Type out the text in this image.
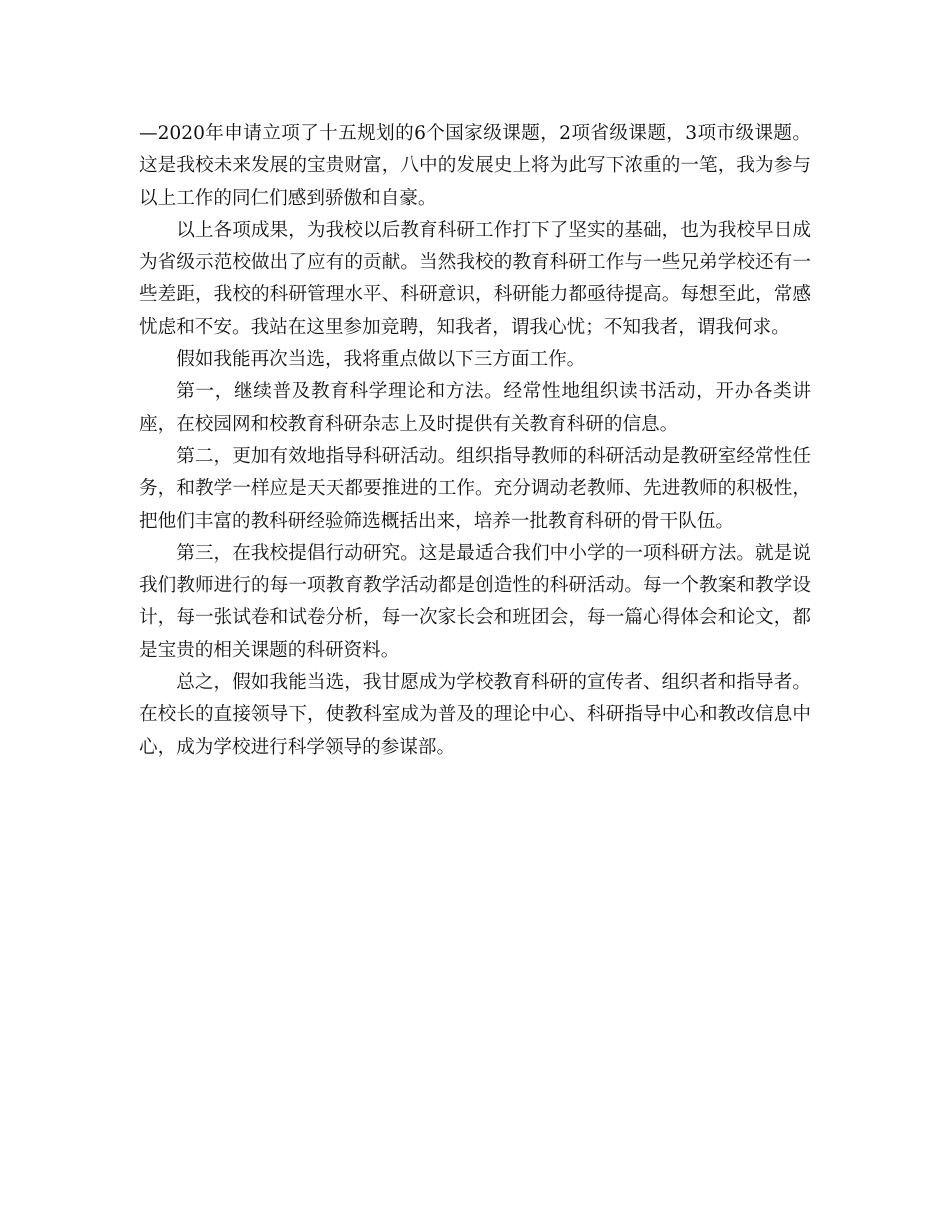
—2020年申请立项了十五规划的6个国家级课题，2项省级课题，3项市级课题。这是我校未来发展的宝贵财富，八中的发展史上将为此写下浓重的一笔，我为参与以上工作的同仁们感到骄傲和自豪。

以上各项成果，为我校以后教育科研工作打下了坚实的基础，也为我校早日成为省级示范校做出了应有的贡献。当然我校的教育科研工作与一些兄弟学校还有一些差距，我校的科研管理水平、科研意识，科研能力都亟待提高。每想至此，常感忧虑和不安。我站在这里参加竞聘，知我者，谓我心忧；不知我者，谓我何求。

假如我能再次当选，我将重点做以下三方面工作。

第一，继续普及教育科学理论和方法。经常性地组织读书活动，开办各类讲座，在校园网和校教育科研杂志上及时提供有关教育科研的信息。

第二，更加有效地指导科研活动。组织指导教师的科研活动是教研室经常性任务，和教学一样应是天天都要推进的工作。充分调动老教师、先进教师的积极性，把他们丰富的教科研经验筛选概括出来，培养一批教育科研的骨干队伍。

第三，在我校提倡行动研究。这是最适合我们中小学的一项科研方法。就是说我们教师进行的每一项教育教学活动都是创造性的科研活动。每一个教案和教学设计，每一张试卷和试卷分析，每一次家长会和班团会，每一篇心得体会和论文，都是宝贵的相关课题的科研资料。

总之，假如我能当选，我甘愿成为学校教育科研的宣传者、组织者和指导者。在校长的直接领导下，使教科室成为普及的理论中心、科研指导中心和教改信息中心，成为学校进行科学领导的参谋部。
